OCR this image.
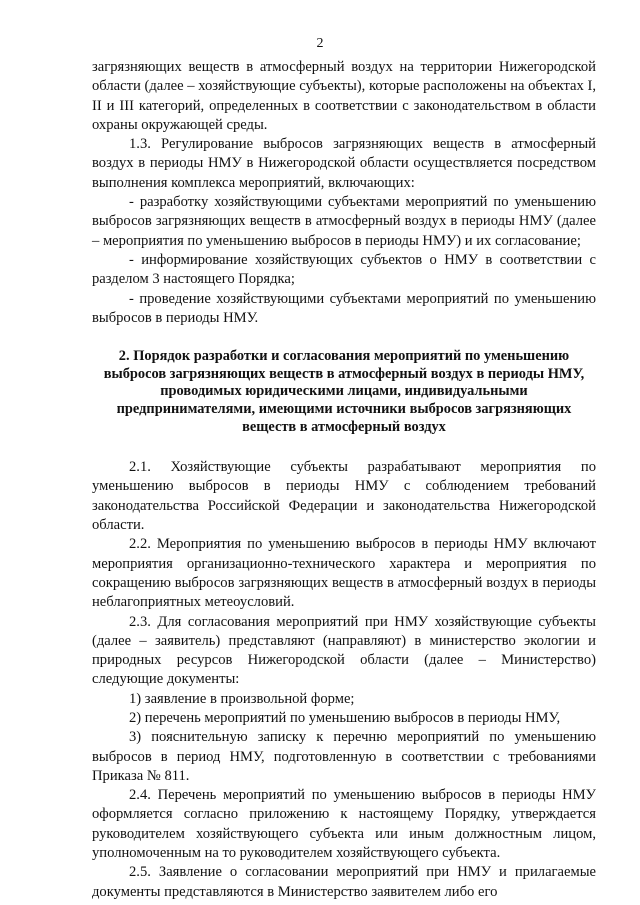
2

загрязняющих веществ в атмосферный воздух на территории Нижегородской области (далее – хозяйствующие субъекты), которые расположены на объектах I, II и III категорий, определенных в соответствии с законодательством в области охраны окружающей среды.

1.3. Регулирование выбросов загрязняющих веществ в атмосферный воздух в периоды НМУ в Нижегородской области осуществляется посредством выполнения комплекса мероприятий, включающих:

- разработку хозяйствующими субъектами мероприятий по уменьшению выбросов загрязняющих веществ в атмосферный воздух в периоды НМУ (далее – мероприятия по уменьшению выбросов в периоды НМУ) и их согласование;

- информирование хозяйствующих субъектов о НМУ в соответствии с разделом 3 настоящего Порядка;

- проведение хозяйствующими субъектами мероприятий по уменьшению выбросов в периоды НМУ.

2. Порядок разработки и согласования мероприятий по уменьшению выбросов загрязняющих веществ в атмосферный воздух в периоды НМУ, проводимых юридическими лицами, индивидуальными предпринимателями, имеющими источники выбросов загрязняющих веществ в атмосферный воздух

2.1. Хозяйствующие субъекты разрабатывают мероприятия по уменьшению выбросов в периоды НМУ с соблюдением требований законодательства Российской Федерации и законодательства Нижегородской области.

2.2. Мероприятия по уменьшению выбросов в периоды НМУ включают мероприятия организационно-технического характера и мероприятия по сокращению выбросов загрязняющих веществ в атмосферный воздух в периоды неблагоприятных метеоусловий.

2.3. Для согласования мероприятий при НМУ хозяйствующие субъекты (далее – заявитель) представляют (направляют) в министерство экологии и природных ресурсов Нижегородской области (далее – Министерство) следующие документы:

1) заявление в произвольной форме;

2) перечень мероприятий по уменьшению выбросов в периоды НМУ,

3) пояснительную записку к перечню мероприятий по уменьшению выбросов в период НМУ, подготовленную в соответствии с требованиями Приказа № 811.

2.4. Перечень мероприятий по уменьшению выбросов в периоды НМУ оформляется согласно приложению к настоящему Порядку, утверждается руководителем хозяйствующего субъекта или иным должностным лицом, уполномоченным на то руководителем хозяйствующего субъекта.

2.5. Заявление о согласовании мероприятий при НМУ и прилагаемые документы представляются в Министерство заявителем либо его
